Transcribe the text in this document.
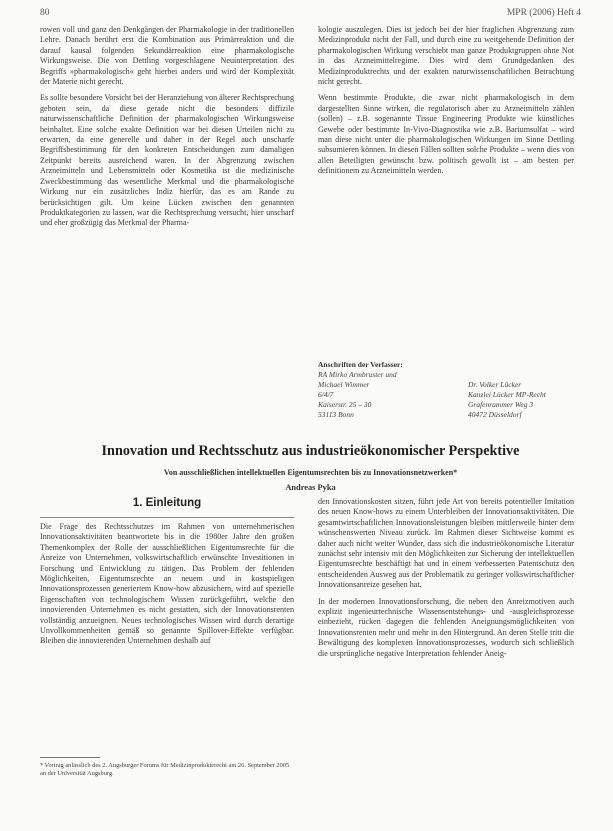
80	MPR (2006) Heft 4

rowen voll und ganz den Denkgängen der Pharmakologie in der traditionellen Lehre. Danach berührt erst die Kombination aus Primärreaktion und die darauf kausal folgenden Sekundärreaktion eine pharmakologische Wirkungsweise. Die von Dettling vorgeschlagene Neuinterpretation des Begriffs »pharmakologisch« geht hierbei anders und wird der Komplexität der Materie nicht gerecht.

Es sollte besondere Vorsicht bei der Heranziehung von älterer Rechtsprechung geboten sein, da diese gerade nicht die besonders diffizile naturwissenschaftliche Definition der pharmakologischen Wirkungsweise beinhaltet. Eine solche exakte Definition war bei diesen Urteilen nicht zu erwarten, da eine generelle und daher in der Regel auch unscharfe Begriffsbestimmung für den konkreten Entscheidungen zum damaligen Zeitpunkt bereits ausreichend waren. In der Abgrenzung zwischen Arzneimitteln und Lebensmitteln oder Kosmetika ist die medizinische Zweckbestimmung das wesentliche Merkmal und die pharmakologische Wirkung nur ein zusätzliches Indiz hierfür, das es am Rande zu berücksichtigen gilt. Um keine Lücken zwischen den genannten Produktkategorien zu lassen, war die Rechtsprechung versucht, hier unscharf und eher großzügig das Merkmal der Pharma-

kologie auszulegen. Dies ist jedoch bei der hier fraglichen Abgrenzung zum Medizinprodukt nicht der Fall, und durch eine zu weitgehende Definition der pharmakologischen Wirkung verschiebt man ganze Produktgruppen ohne Not in das Arzneimittelregime. Dies wird dem Grundgedanken des Medizinproduktrechts und der exakten naturwissenschaftlichen Betrachtung nicht gerecht.

Wenn bestimmte Produkte, die zwar nicht pharmakologisch in dem dargestellten Sinne wirken, die regulatorisch aber zu Arzneimitteln zählen (sollen) – z.B. sogenannte Tissue Engineering Produkte wie künstliches Gewebe oder bestimmte In-Vivo-Diagnostika wie z.B. Bariumsulfat – wird man diese nicht unter die pharmakologischen Wirkungen im Sinne Dettling subsumieren können. In diesen Fällen sollten solche Produkte – wenn dies von allen Beteiligten gewünscht bzw. politisch gewollt ist – am besten per definitionem zu Arzneimitteln werden.

Anschriften der Verfasser:
RA Mirko Armbruster und
Michael Wimmer
6/4/7
Kaiserstr. 25 – 30
53113 Bonn

Dr. Volker Lücker
Kanzlei Lücker MP-Recht
Grafenrammer Weg 3
40472 Düsseldorf
Innovation und Rechtsschutz aus industrieökonomischer Perspektive
Von ausschließlichen intellektuellen Eigentumsrechten bis zu Innovationsnetzwerken*
Andreas Pyka
1. Einleitung

Die Frage des Rechtsschutzes im Rahmen von unternehmerischen Innovationsaktivitäten beantwortete bis in die 1980er Jahre den großen Themenkomplex der Rolle der ausschließlichen Eigentumsrechte für die Anreize von Unternehmen, volkswirtschaftlich erwünschte Investitionen in Forschung und Entwicklung zu tätigen. Das Problem der fehlenden Möglichkeiten, Eigentumsrechte an neuem und in kostspieligen Innovationsprozessen generiertem Know-how abzusichern, wird auf spezielle Eigenschaften von technologischem Wissen zurückgeführt, welche den innovierenden Unternehmen es nicht gestatten, sich der Innovationsrenten vollständig anzueignen. Neues technologisches Wissen wird durch derartige Unvollkommenheiten gemäß so genannte Spillover-Effekte verfügbar. Bleiben die innovierenden Unternehmen deshalb auf

den Innovationskosten sitzen, führt jede Art von bereits potentieller Imitation des neuen Know-hows zu einem Unterbleiben der Innovationsaktivitäten. Die gesamtwirtschaftlichen Innovationsleistungen bleiben mittlerweile hinter dem wünschenswerten Niveau zurück. Im Rahmen dieser Sichtweise kommt es daher auch nicht weiter Wunder, dass sich die industrieökonomische Literatur zunächst sehr intensiv mit den Möglichkeiten zur Sicherung der intellektuellen Eigentumsrechte beschäftigt hat und in einem verbesserten Patentschutz den entscheidenden Ausweg aus der Problematik zu geringer volkswirtschaftlicher Innovationsanreize gesehen hat.

In der modernen Innovationsforschung, die neben den Anreizmotiven auch explizit ingenieurtechnische Wissensentstehungs- und -ausgleichsprozesse einbezieht, rücken dagegen die fehlenden Aneignungsmöglichkeiten von Innovationsrenten mehr und mehr in den Hintergrund. An deren Stelle tritt die Bewältigung des komplexen Innovationsprozesses, wodurch sich schließlich die ursprüngliche negative Interpretation fehlender Aneig-

* Vortrag anlässlich des 2. Augsburger Forums für Medizinprodukterecht am 26. September 2005 an der Universität Augsburg.
